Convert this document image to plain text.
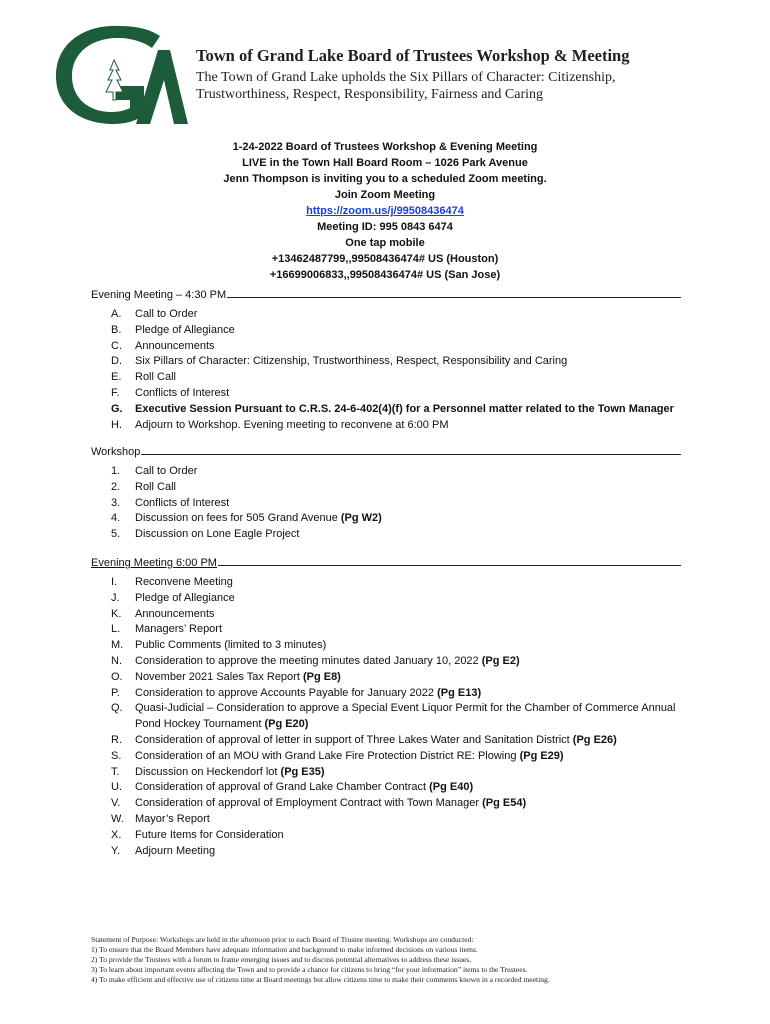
Town of Grand Lake Board of Trustees Workshop & Meeting
The Town of Grand Lake upholds the Six Pillars of Character: Citizenship,
Trustworthiness, Respect, Responsibility, Fairness and Caring
1-24-2022 Board of Trustees Workshop & Evening Meeting
LIVE in the Town Hall Board Room – 1026 Park Avenue
Jenn Thompson is inviting you to a scheduled Zoom meeting.
Join Zoom Meeting
https://zoom.us/j/99508436474
Meeting ID: 995 0843 6474
One tap mobile
+13462487799,,99508436474# US (Houston)
+16699006833,,99508436474# US (San Jose)
Evening Meeting – 4:30 PM
A.	Call to Order
B.	Pledge of Allegiance
C.	Announcements
D.	Six Pillars of Character: Citizenship, Trustworthiness, Respect, Responsibility and Caring
E.	Roll Call
F.	Conflicts of Interest
G.	Executive Session Pursuant to C.R.S. 24-6-402(4)(f) for a Personnel matter related to the Town Manager
H.	Adjourn to Workshop. Evening meeting to reconvene at 6:00 PM
Workshop
1.	Call to Order
2.	Roll Call
3.	Conflicts of Interest
4.	Discussion on fees for 505 Grand Avenue (Pg W2)
5.	Discussion on Lone Eagle Project
Evening Meeting 6:00 PM
I.	Reconvene Meeting
J.	Pledge of Allegiance
K.	Announcements
L.	Managers’ Report
M.	Public Comments (limited to 3 minutes)
N.	Consideration to approve the meeting minutes dated January 10, 2022 (Pg E2)
O.	November 2021 Sales Tax Report (Pg E8)
P.	Consideration to approve Accounts Payable for January 2022 (Pg E13)
Q.	Quasi-Judicial – Consideration to approve a Special Event Liquor Permit for the Chamber of Commerce Annual Pond Hockey Tournament (Pg E20)
R.	Consideration of approval of letter in support of Three Lakes Water and Sanitation District (Pg E26)
S.	Consideration of an MOU with Grand Lake Fire Protection District RE: Plowing (Pg E29)
T.	Discussion on Heckendorf lot (Pg E35)
U.	Consideration of approval of Grand Lake Chamber Contract (Pg E40)
V.	Consideration of approval of Employment Contract with Town Manager (Pg E54)
W.	Mayor’s Report
X.	Future Items for Consideration
Y.	Adjourn Meeting
Statement of Purpose: Workshops are held in the afternoon prior to each Board of Trustee meeting. Workshops are conducted:
1) To ensure that the Board Members have adequate information and background to make informed decisions on various items.
2) To provide the Trustees with a forum to frame emerging issues and to discuss potential alternatives to address these issues.
3) To learn about important events affecting the Town and to provide a chance for citizens to bring “for your information” items to the Trustees.
4) To make efficient and effective use of citizens time at Board meetings but allow citizens time to make their comments known in a recorded meeting.
